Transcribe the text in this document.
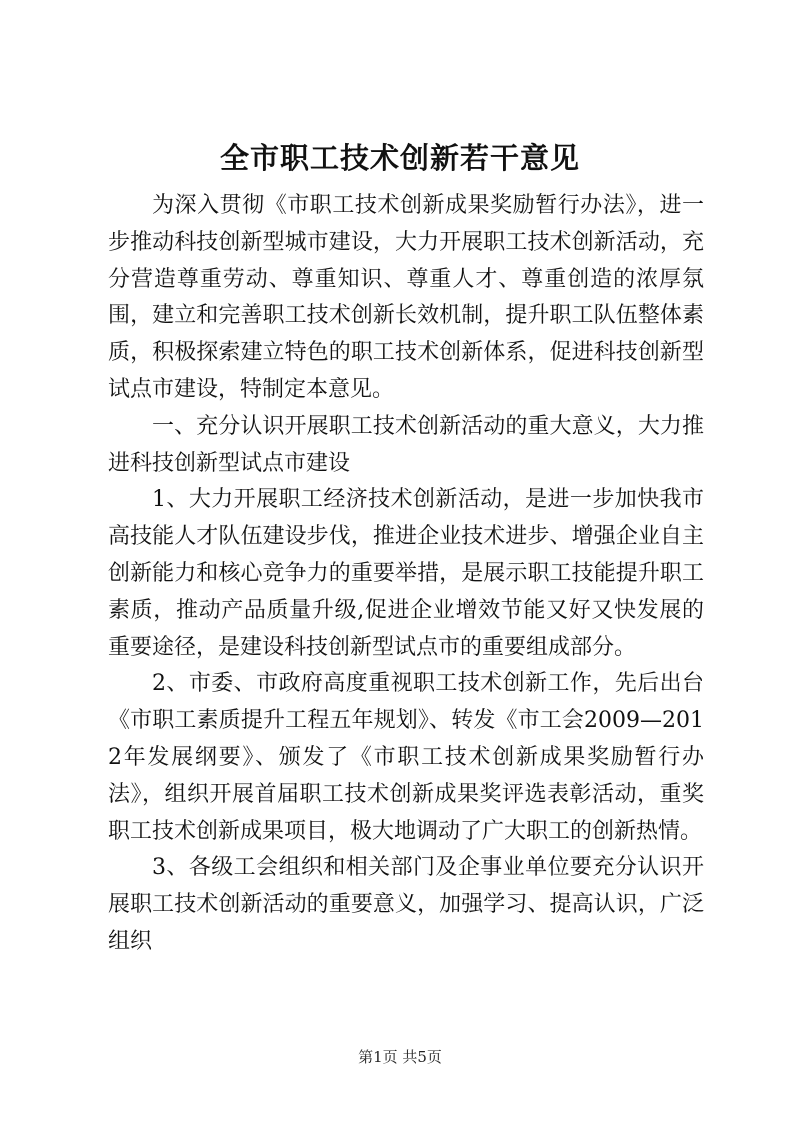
全市职工技术创新若干意见

为深入贯彻《市职工技术创新成果奖励暂行办法》，进一步推动科技创新型城市建设，大力开展职工技术创新活动，充分营造尊重劳动、尊重知识、尊重人才、尊重创造的浓厚氛围，建立和完善职工技术创新长效机制，提升职工队伍整体素质，积极探索建立特色的职工技术创新体系，促进科技创新型试点市建设，特制定本意见。

一、充分认识开展职工技术创新活动的重大意义，大力推进科技创新型试点市建设

1、大力开展职工经济技术创新活动，是进一步加快我市高技能人才队伍建设步伐，推进企业技术进步、增强企业自主创新能力和核心竞争力的重要举措，是展示职工技能提升职工素质，推动产品质量升级,促进企业增效节能又好又快发展的重要途径，是建设科技创新型试点市的重要组成部分。

2、市委、市政府高度重视职工技术创新工作，先后出台《市职工素质提升工程五年规划》、转发《市工会2009—2012年发展纲要》、颁发了《市职工技术创新成果奖励暂行办法》，组织开展首届职工技术创新成果奖评选表彰活动，重奖职工技术创新成果项目，极大地调动了广大职工的创新热情。

3、各级工会组织和相关部门及企事业单位要充分认识开展职工技术创新活动的重要意义，加强学习、提高认识，广泛组织

第1页 共5页
